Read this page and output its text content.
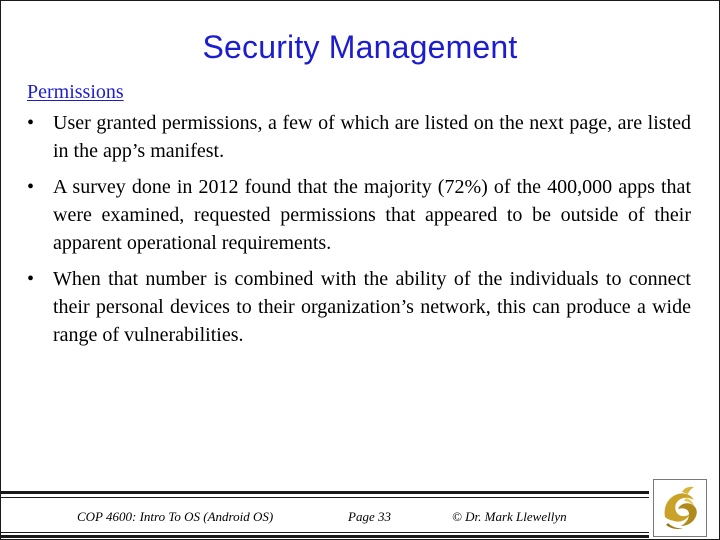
Security Management
Permissions
• User granted permissions, a few of which are listed on the next page, are listed in the app’s manifest.
• A survey done in 2012 found that the majority (72%) of the 400,000 apps that were examined, requested permissions that appeared to be outside of their apparent operational requirements.
• When that number is combined with the ability of the individuals to connect their personal devices to their organization’s network, this can produce a wide range of vulnerabilities.
COP 4600: Intro To OS (Android OS)	Page 33	© Dr. Mark Llewellyn
